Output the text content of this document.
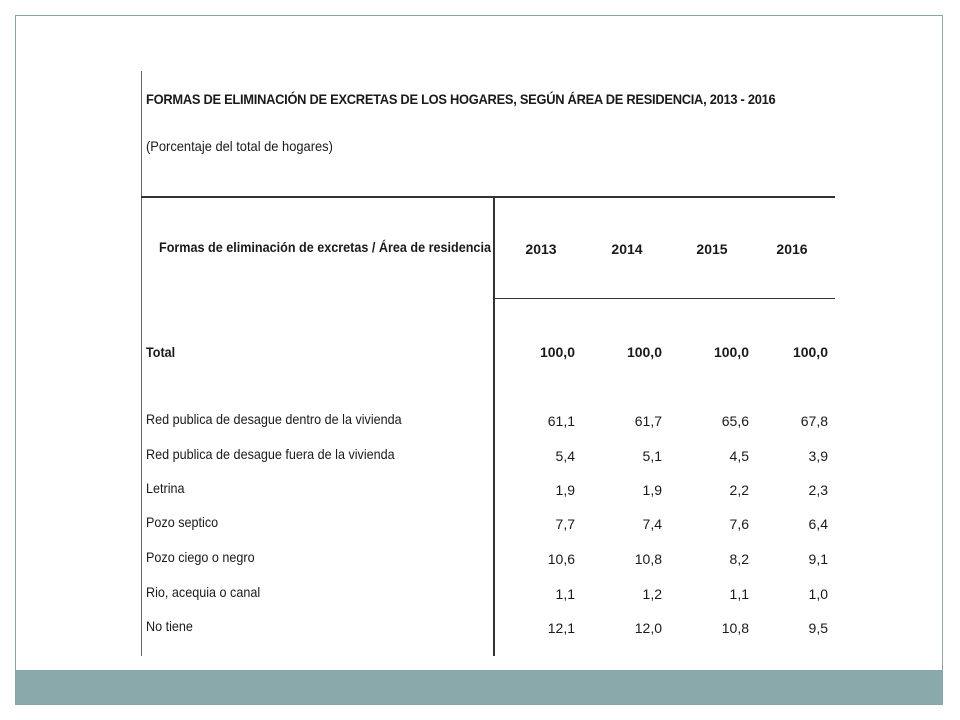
FORMAS DE ELIMINACIÓN DE EXCRETAS DE LOS HOGARES, SEGÚN ÁREA DE RESIDENCIA, 2013 - 2016
(Porcentaje del total de hogares)
Formas de eliminación de excretas / Área de residencia	2013	2014	2015	2016
Total	100,0	100,0	100,0	100,0
Red publica de desague dentro de la vivienda	61,1	61,7	65,6	67,8
Red publica de desague fuera de la vivienda	5,4	5,1	4,5	3,9
Letrina	1,9	1,9	2,2	2,3
Pozo septico	7,7	7,4	7,6	6,4
Pozo ciego o negro	10,6	10,8	8,2	9,1
Rio, acequia o canal	1,1	1,2	1,1	1,0
No tiene	12,1	12,0	10,8	9,5
